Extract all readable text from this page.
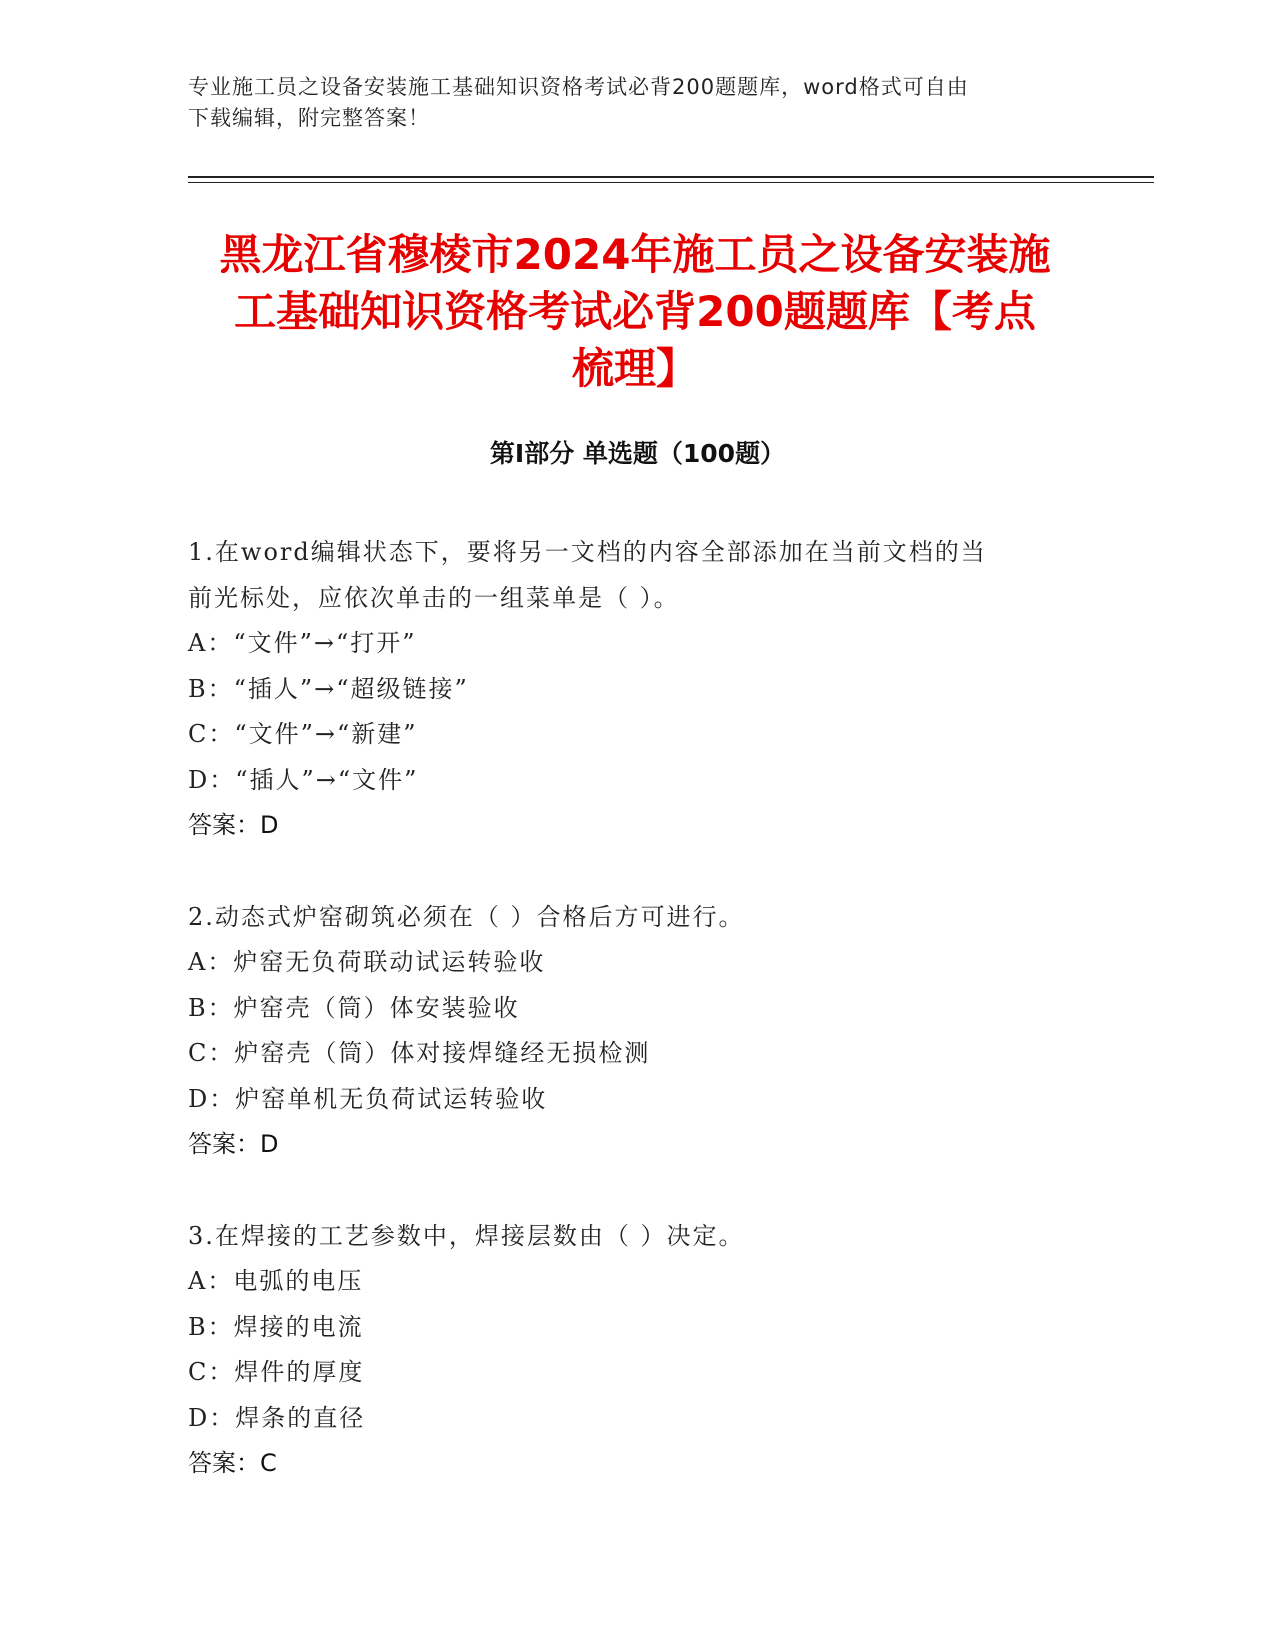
专业施工员之设备安装施工基础知识资格考试必背200题题库，word格式可自由
下载编辑，附完整答案！
黑龙江省穆棱市2024年施工员之设备安装施
工基础知识资格考试必背200题题库【考点
梳理】
第Ⅰ部分 单选题（100题）

1.在word编辑状态下，要将另一文档的内容全部添加在当前文档的当

前光标处，应依次单击的一组菜单是（ ）。

A：“文件”→“打开”

B：“插人”→“超级链接”

C：“文件”→“新建”

D：“插人”→“文件”

答案：D

2.动态式炉窑砌筑必须在（ ）合格后方可进行。

A：炉窑无负荷联动试运转验收

B：炉窑壳（筒）体安装验收

C：炉窑壳（筒）体对接焊缝经无损检测

D：炉窑单机无负荷试运转验收

答案：D

3.在焊接的工艺参数中，焊接层数由（ ）决定。

A：电弧的电压

B：焊接的电流

C：焊件的厚度

D：焊条的直径

答案：C
